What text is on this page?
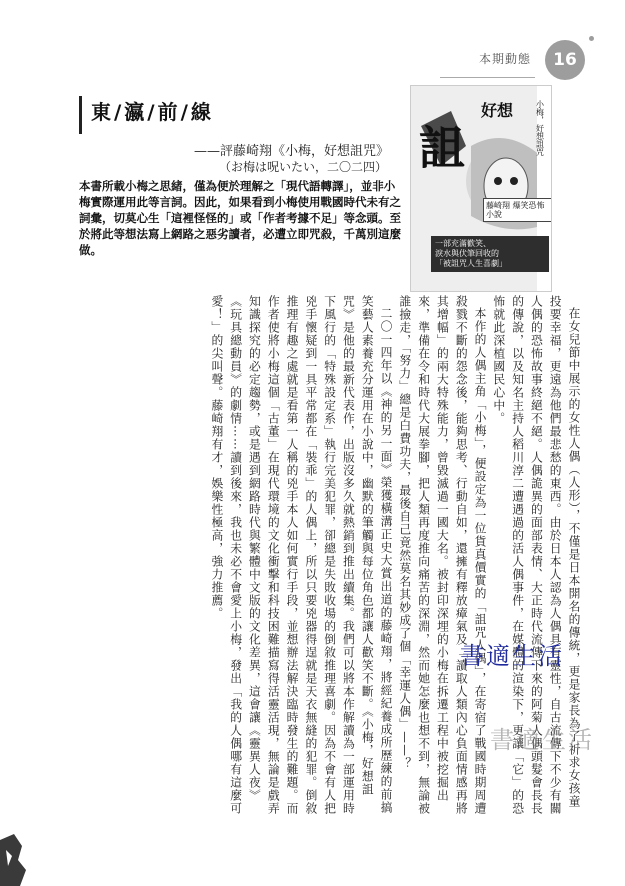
本期動態	16
東/瀛/前/線
——評藤崎翔《小梅，好想詛咒》
（お梅は呪いたい，二〇二四）

本書所載小梅之思緒，僅為便於理解之「現代語轉譯」，並非小梅實際運用此等言詞。因此，如果看到小梅使用戰國時代未有之詞彙，切莫心生「這裡怪怪的」或「作者考據不足」等念頭。至於將此等想法寫上網路之惡劣讀者，必遭立即咒殺，千萬別這麼做。

詛
好想	小梅，好想詛咒
藤崎翔 爆笑恐怖小說
一部充滿歡笑、
淚水與伏筆回收的
「被詛咒人生喜劇」

在女兒節中展示的女性人偶（人形），不僅是日本開名的傳統，更是家長為了祈求女孩童投要幸福，更遠為他們最悲愁的東西。由於日本人認為人偶具有靈性，自古流傳下不少有關人偶的恐怖故事終絕不絕。人偶詭異的面部表情、大正時代流傳下來的阿菊人偶頭髮會長長的傳說，以及知名主持人稻川淳二遭遇過的活人偶事件，在媒體的渲染下，更讓「它」的恐怖就此深植國民心中。

本作的人偶主角「小梅」，便設定為一位貨真價實的「詛咒人偶」，在寄宿了戰國時期周遭殺戮不斷的怨念後，能夠思考、行動自如，還擁有釋放瘴氣及「讀取人類內心負面情感再將其增幅」的兩大特殊能力，曾毀滅過一國大名。被封印深埋的小梅在拆遷工程中被挖掘出來，準備在令和時代大展拳腳，把人類再度推向痛苦的深淵，然而她怎麼也想不到，無論被誰撿走，「努力」總是白費功夫，最後自己竟然莫名其妙成了個「幸運人偶」——？

二〇一四年以《神的另一面》榮獲橫溝正史大賞出道的藤崎翔，將經紀養成所歷練的前搞笑藝人素養充分運用在小說中，幽默的筆觸與每位角色都讓人歡笑不斷。《小梅，好想詛咒》是他的最新代表作，出版沒多久就熱銷到推出續集。我們可以將本作解讀為一部運用時下風行的「特殊設定系」執行完美犯罪，卻總是失敗收場的倒敘推理喜劇。因為不會有人把兇手懷疑到一具平常都在「裝乖」的人偶上，所以只要兇器得逞就是天衣無縫的犯罪。倒敘推理有趣之處就是看第一人稱的兇手本人如何實行手段，並想辦法解決臨時發生的難題。而作者使將小梅這個「古董」在現代環境的文化衝擊和科技困難描寫得活靈活現，無論是戲弄知識探究的必定趨勢，或是遇到網路時代與繁體中文版的文化差異，這會讓《靈異人夜》《玩具總動員》的劇情⋯⋯讀到後來，我也未必不會愛上小梅，發出「我的人偶哪有這麼可愛！」的尖叫聲。藤崎翔有才，娛樂性極高，強力推薦。

書適生活
書適生活
